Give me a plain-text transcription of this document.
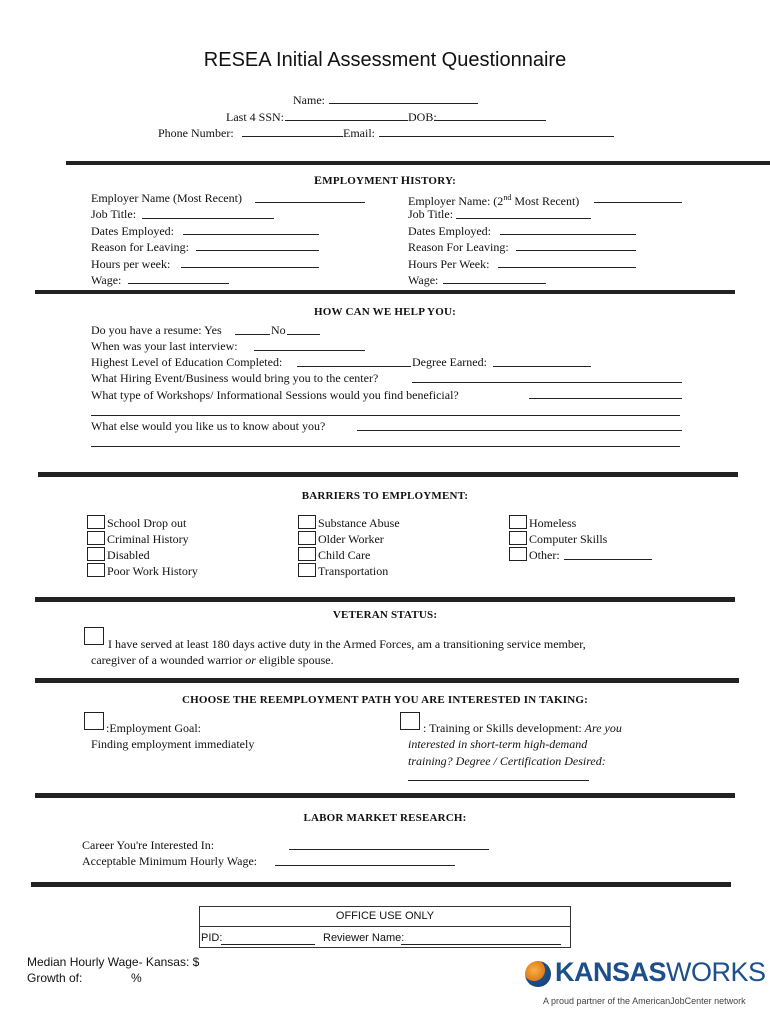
RESEA Initial Assessment Questionnaire
Name:
Last 4 SSN:	DOB:
Phone Number:	Email:
EMPLOYMENT HISTORY:
Employer Name (Most Recent)
Job Title:
Dates Employed:
Reason for Leaving:
Hours per week:
Wage:
Employer Name: (2nd Most Recent)
Job Title:
Dates Employed:
Reason For Leaving:
Hours Per Week:
Wage:
HOW CAN WE HELP YOU:
Do you have a resume: Yes	No
When was your last interview:
Highest Level of Education Completed:	Degree Earned:
What Hiring Event/Business would bring you to the center?
What type of Workshops/ Informational Sessions would you find beneficial?
What else would you like us to know about you?
BARRIERS TO EMPLOYMENT:
School Drop out
Criminal History
Disabled
Poor Work History
Substance Abuse
Older Worker
Child Care
Transportation
Homeless
Computer Skills
Other:
VETERAN STATUS:
I have served at least 180 days active duty in the Armed Forces, am a transitioning service member,
caregiver of a wounded warrior or eligible spouse.
CHOOSE THE REEMPLOYMENT PATH YOU ARE INTERESTED IN TAKING:
:Employment Goal:
Finding employment immediately
: Training or Skills development: Are you
interested in short-term high-demand
training? Degree / Certification Desired:
LABOR MARKET RESEARCH:
Career You're Interested In:
Acceptable Minimum Hourly Wage:
OFFICE USE ONLY
PID:	Reviewer Name:
Median Hourly Wage- Kansas: $
Growth of:	%	KANSASWORKS
A proud partner of the AmericanJobCenter network
